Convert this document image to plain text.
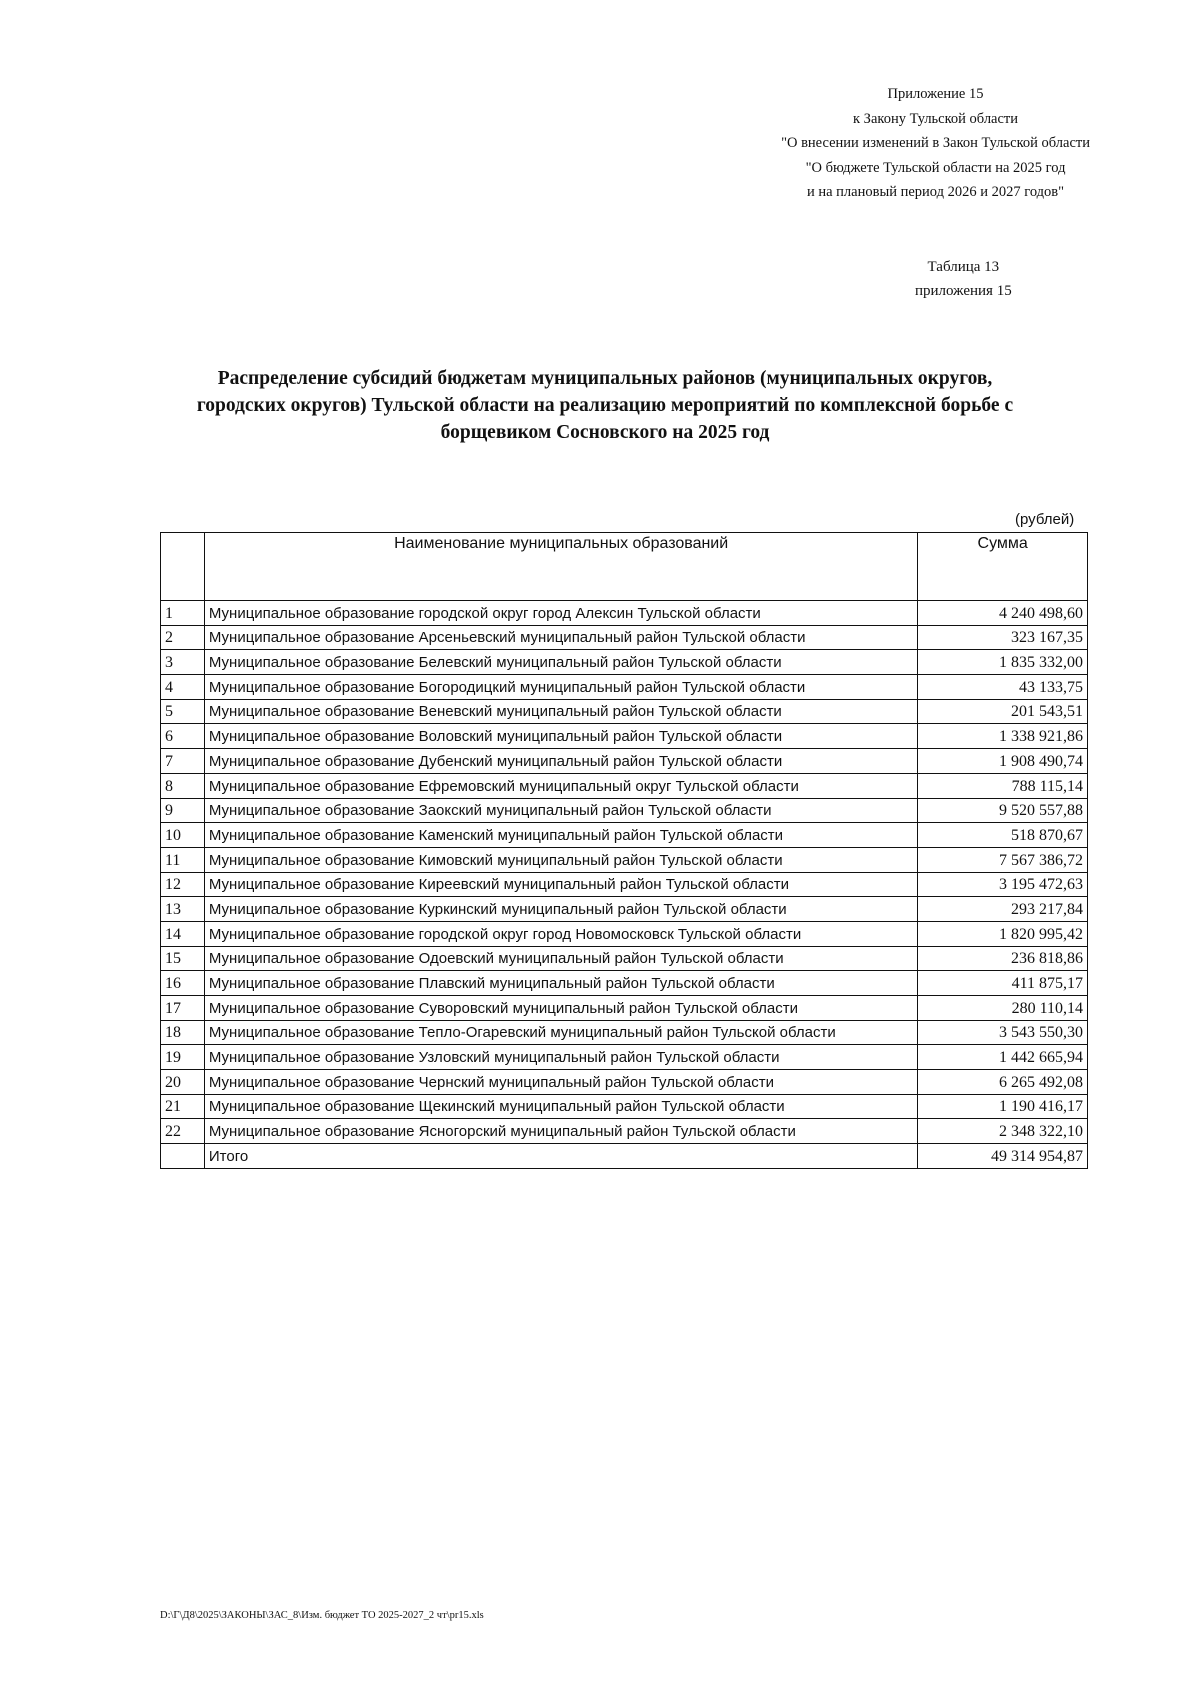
Приложение 15
к Закону Тульской области
"О внесении изменений в Закон Тульской области
"О бюджете Тульской области на 2025 год
и на плановый период 2026 и 2027 годов"
Таблица 13
приложения 15
Распределение субсидий бюджетам муниципальных районов (муниципальных округов,
городских округов) Тульской области на реализацию мероприятий по комплексной борьбе с
борщевиком Сосновского на 2025 год
(рублей)
	Наименование муниципальных образований	Сумма
1	Муниципальное образование городской округ город Алексин Тульской области	4 240 498,60
2	Муниципальное образование Арсеньевский муниципальный район Тульской области	323 167,35
3	Муниципальное образование Белевский муниципальный район Тульской области	1 835 332,00
4	Муниципальное образование Богородицкий муниципальный район Тульской области	43 133,75
5	Муниципальное образование Веневский муниципальный район Тульской области	201 543,51
6	Муниципальное образование Воловский муниципальный район Тульской области	1 338 921,86
7	Муниципальное образование Дубенский муниципальный район Тульской области	1 908 490,74
8	Муниципальное образование Ефремовский муниципальный округ Тульской области	788 115,14
9	Муниципальное образование Заокский муниципальный район Тульской области	9 520 557,88
10	Муниципальное образование Каменский муниципальный район Тульской области	518 870,67
11	Муниципальное образование Кимовский муниципальный район Тульской области	7 567 386,72
12	Муниципальное образование Киреевский муниципальный район Тульской области	3 195 472,63
13	Муниципальное образование Куркинский муниципальный район Тульской области	293 217,84
14	Муниципальное образование городской округ город Новомосковск Тульской области	1 820 995,42
15	Муниципальное образование Одоевский муниципальный район Тульской области	236 818,86
16	Муниципальное образование Плавский муниципальный район Тульской области	411 875,17
17	Муниципальное образование Суворовский муниципальный район Тульской области	280 110,14
18	Муниципальное образование Тепло-Огаревский муниципальный район Тульской области	3 543 550,30
19	Муниципальное образование Узловский муниципальный район Тульской области	1 442 665,94
20	Муниципальное образование Чернский муниципальный район Тульской области	6 265 492,08
21	Муниципальное образование Щекинский муниципальный район Тульской области	1 190 416,17
22	Муниципальное образование Ясногорский муниципальный район Тульской области	2 348 322,10
	Итого	49 314 954,87
D:\Г\Д8\2025\ЗАКОНЫ\ЗАС_8\Изм. бюджет ТО 2025-2027_2 чт\pr15.xls
